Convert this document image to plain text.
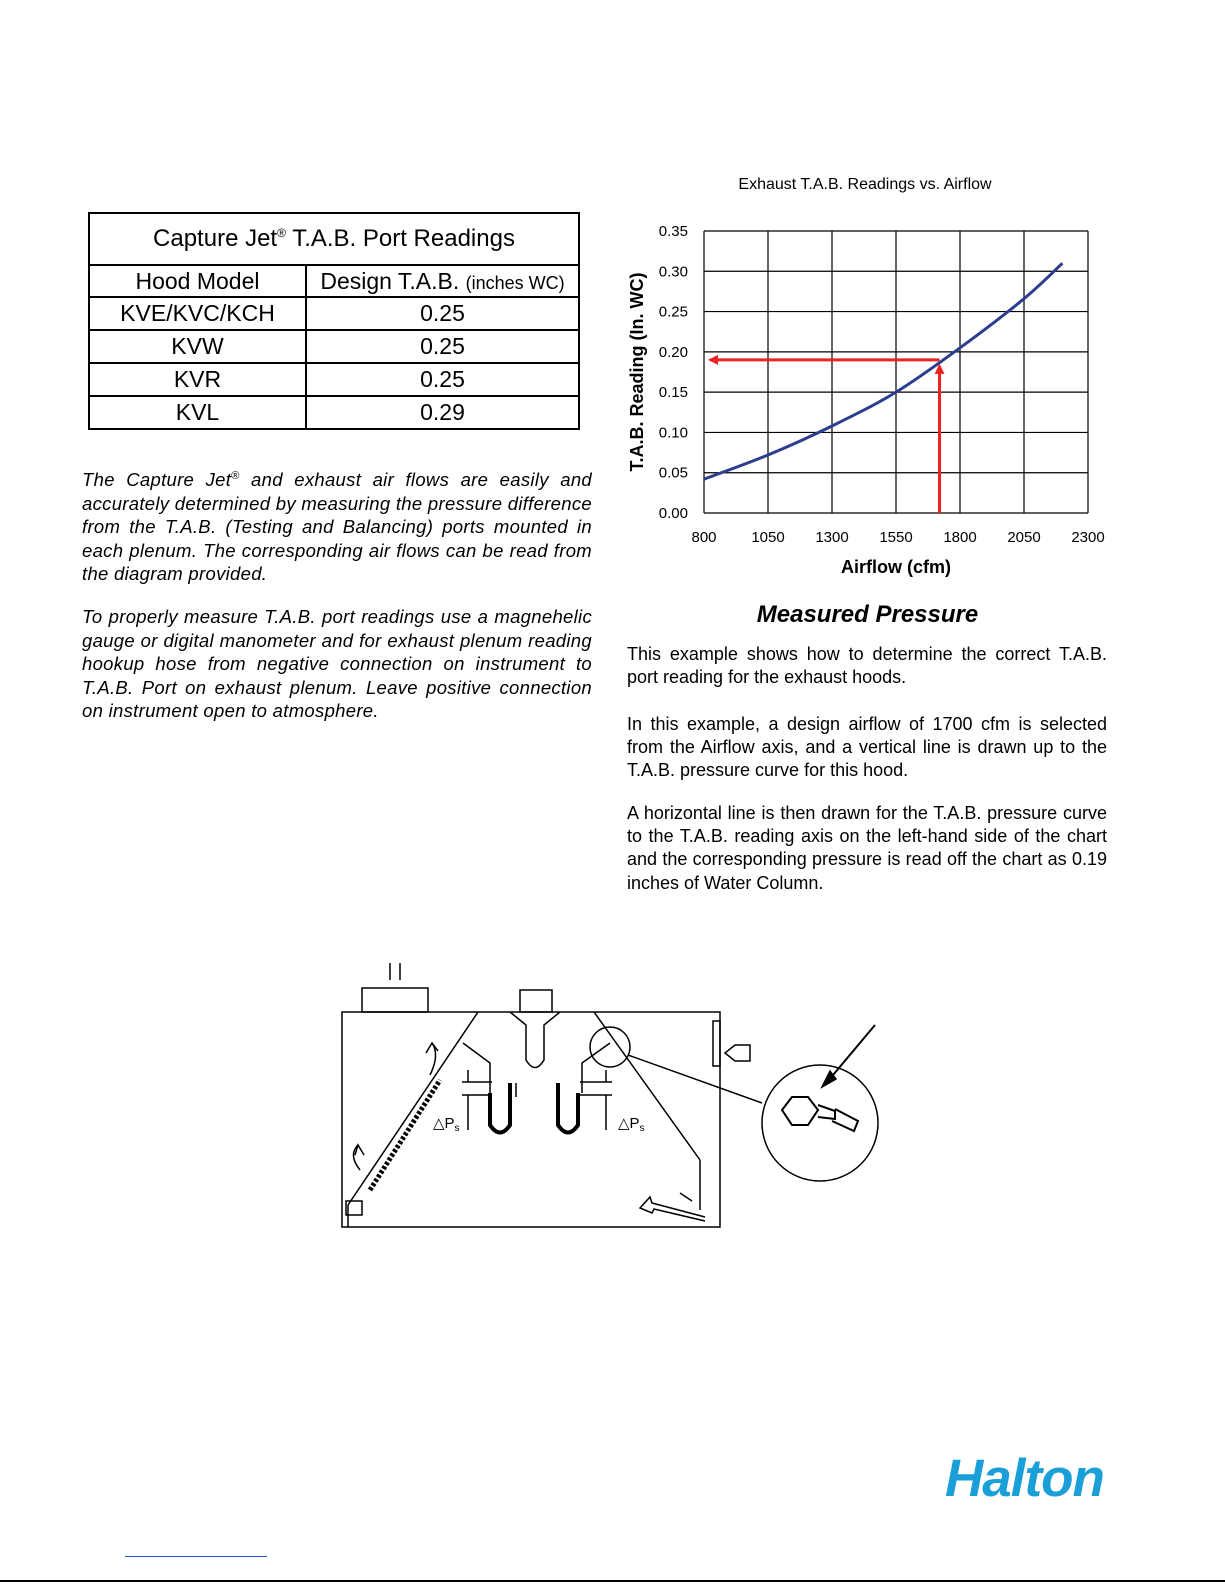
Capture Jet® T.A.B. Port Readings	
Hood Model	Design T.A.B. (inches WC)
KVE/KVC/KCH	0.25
KVW	0.25
KVR	0.25
KVL	0.29

The Capture Jet® and exhaust air flows are easily and accurately determined by measuring the pressure difference from the T.A.B. (Testing and Balancing) ports mounted in each plenum. The corresponding air flows can be read from the diagram provided.

To properly measure T.A.B. port readings use a magnehelic gauge or digital manometer and for exhaust plenum reading hookup hose from negative connection on instrument to T.A.B. Port on exhaust plenum. Leave positive connection on instrument open to atmosphere.

Exhaust T.A.B. Readings vs. Airflow
0.00
0.05
0.10
0.15
0.20
0.25
0.30
0.35
800 1050 1300 1550 1800 2050 2300
Airflow (cfm)
T.A.B. Reading (In. WC)
Measured Pressure

This example shows how to determine the correct T.A.B. port reading for the exhaust hoods.

In this example, a design airflow of 1700 cfm is selected from the Airflow axis, and a vertical line is drawn up to the T.A.B. pressure curve for this hood.

A horizontal line is then drawn for the T.A.B. pressure curve to the T.A.B. reading axis on the left-hand side of the chart and the corresponding pressure is read off the chart as 0.19 inches of Water Column.

$\triangle P_s$	$\triangle P_s$
Halton
